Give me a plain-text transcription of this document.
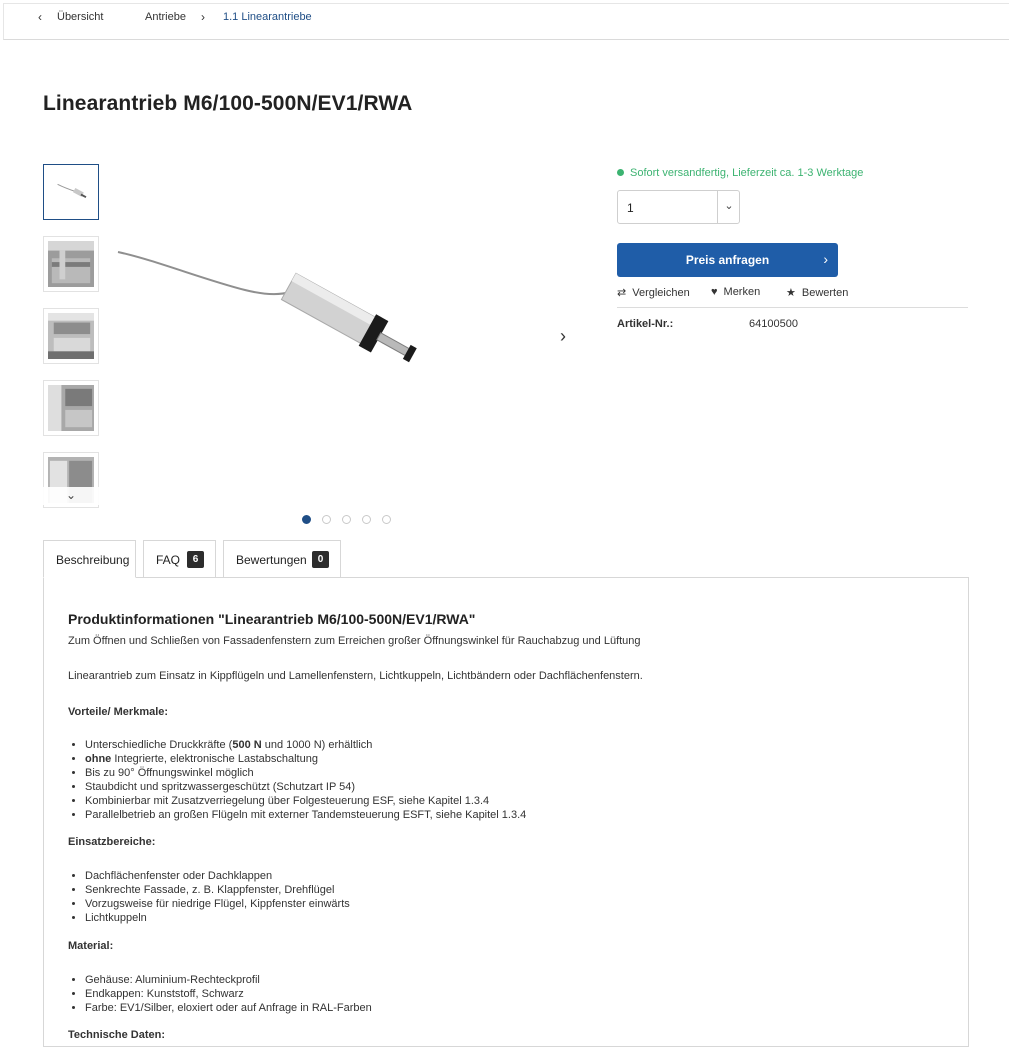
‹ Übersicht	Antriebe › 1.1 Linearantriebe
Linearantrieb M6/100-500N/EV1/RWA
⌄
›
Sofort versandfertig, Lieferzeit ca. 1-3 Werktage
1	⌄
Preis anfragen	›
⇄ Vergleichen ♥ Merken ★ Bewerten
Artikel-Nr.:	64100500
Beschreibung FAQ	6	Bewertungen	0
Produktinformationen "Linearantrieb M6/100-500N/EV1/RWA"
Zum Öffnen und Schließen von Fassadenfenstern zum Erreichen großer Öffnungswinkel für Rauchabzug und Lüftung
Linearantrieb zum Einsatz in Kippflügeln und Lamellenfenstern, Lichtkuppeln, Lichtbändern oder Dachflächenfenstern.
Vorteile/ Merkmale:
• Unterschiedliche Druckkräfte (500 N und 1000 N) erhältlich
• ohne Integrierte, elektronische Lastabschaltung
• Bis zu 90° Öffnungswinkel möglich
• Staubdicht und spritzwassergeschützt (Schutzart IP 54)
• Kombinierbar mit Zusatzverriegelung über Folgesteuerung ESF, siehe Kapitel 1.3.4
• Parallelbetrieb an großen Flügeln mit externer Tandemsteuerung ESFT, siehe Kapitel 1.3.4
Einsatzbereiche:
• Dachflächenfenster oder Dachklappen
• Senkrechte Fassade, z. B. Klappfenster, Drehflügel
• Vorzugsweise für niedrige Flügel, Kippfenster einwärts
• Lichtkuppeln
Material:
• Gehäuse: Aluminium-Rechteckprofil
• Endkappen: Kunststoff, Schwarz
• Farbe: EV1/Silber, eloxiert oder auf Anfrage in RAL-Farben
Technische Daten:
